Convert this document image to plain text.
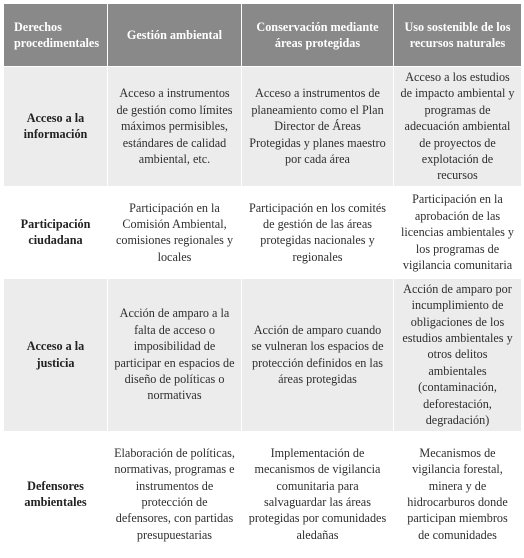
Derechos procedimentales	Gestión ambiental	Conservación mediante áreas protegidas	Uso sostenible de los recursos naturales
Acceso a la información	Acceso a instrumentos de gestión como límites máximos permisibles, estándares de calidad ambiental, etc.	Acceso a instrumentos de planeamiento como el Plan Director de Áreas Protegidas y planes maestro por cada área	Acceso a los estudios de impacto ambiental y programas de adecuación ambiental de proyectos de explotación de recursos
Participación ciudadana	Participación en la Comisión Ambiental, comisiones regionales y locales	Participación en los comités de gestión de las áreas protegidas nacionales y regionales	Participación en la aprobación de las licencias ambientales y los programas de vigilancia comunitaria
Acceso a la justicia	Acción de amparo a la falta de acceso o imposibilidad de participar en espacios de diseño de políticas o normativas	Acción de amparo cuando se vulneran los espacios de protección definidos en las áreas protegidas	Acción de amparo por incumplimiento de obligaciones de los estudios ambientales y otros delitos ambientales (contaminación, deforestación, degradación)
Defensores ambientales	Elaboración de políticas, normativas, programas e instrumentos de protección de defensores, con partidas presupuestarias	Implementación de mecanismos de vigilancia comunitaria para salvaguardar las áreas protegidas por comunidades aledañas	Mecanismos de vigilancia forestal, minera y de hidrocarburos donde participan miembros de comunidades
